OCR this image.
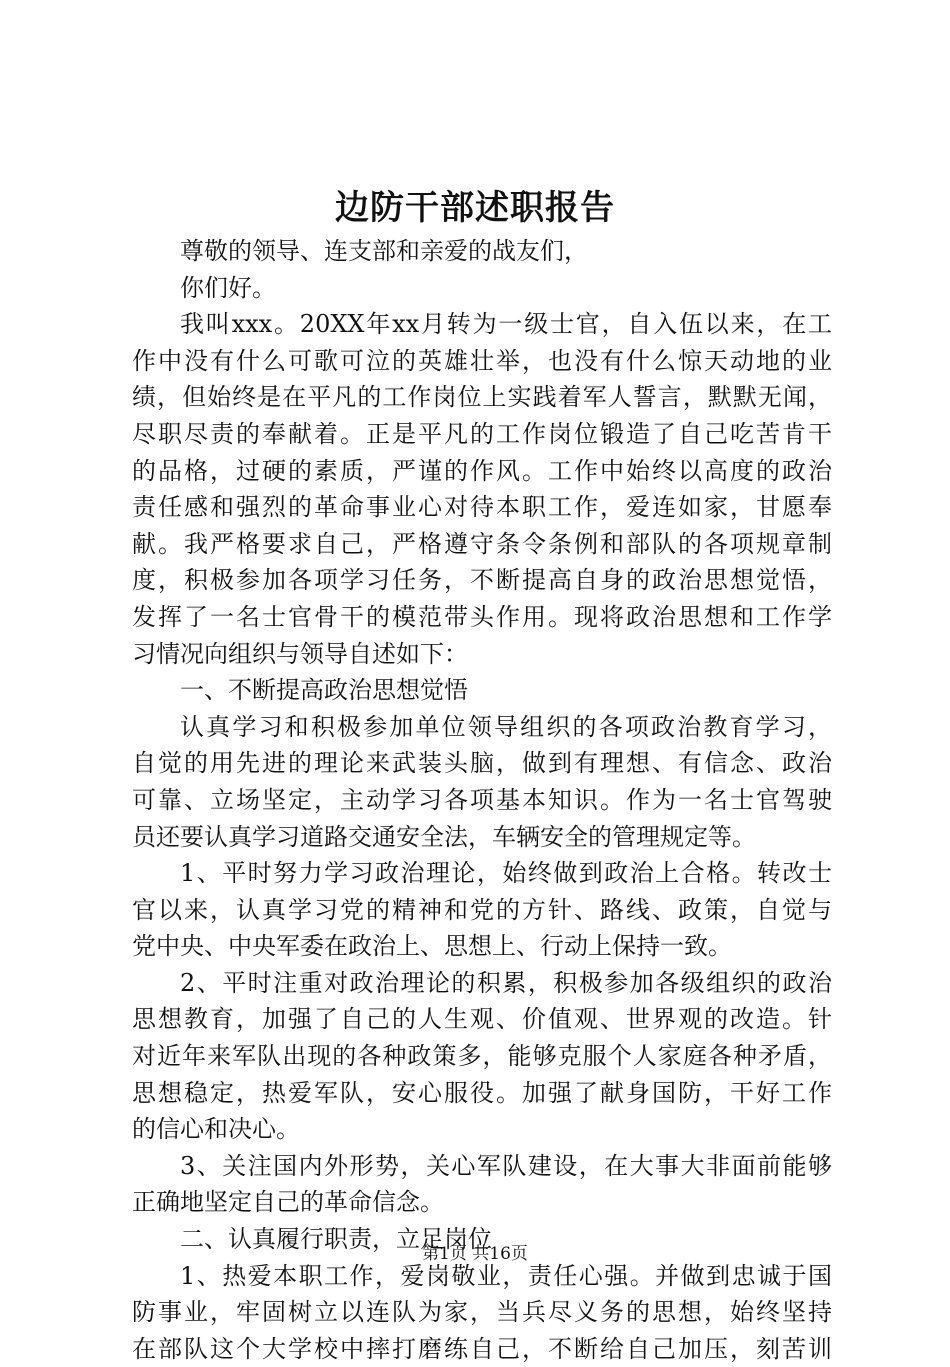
边防干部述职报告
尊敬的领导、连支部和亲爱的战友们，
你们好。
我叫xxx。20XX年xx月转为一级士官，自入伍以来，在工
作中没有什么可歌可泣的英雄壮举，也没有什么惊天动地的业
绩，但始终是在平凡的工作岗位上实践着军人誓言，默默无闻，
尽职尽责的奉献着。正是平凡的工作岗位锻造了自己吃苦肯干
的品格，过硬的素质，严谨的作风。工作中始终以高度的政治
责任感和强烈的革命事业心对待本职工作，爱连如家，甘愿奉
献。我严格要求自己，严格遵守条令条例和部队的各项规章制
度，积极参加各项学习任务，不断提高自身的政治思想觉悟，
发挥了一名士官骨干的模范带头作用。现将政治思想和工作学
习情况向组织与领导自述如下：
一、不断提高政治思想觉悟
认真学习和积极参加单位领导组织的各项政治教育学习，
自觉的用先进的理论来武装头脑，做到有理想、有信念、政治
可靠、立场坚定，主动学习各项基本知识。作为一名士官驾驶
员还要认真学习道路交通安全法，车辆安全的管理规定等。
1、平时努力学习政治理论，始终做到政治上合格。转改士
官以来，认真学习党的精神和党的方针、路线、政策，自觉与
党中央、中央军委在政治上、思想上、行动上保持一致。
2、平时注重对政治理论的积累，积极参加各级组织的政治
思想教育，加强了自己的人生观、价值观、世界观的改造。针
对近年来军队出现的各种政策多，能够克服个人家庭各种矛盾，
思想稳定，热爱军队，安心服役。加强了献身国防，干好工作
的信心和决心。
3、关注国内外形势，关心军队建设，在大事大非面前能够
正确地坚定自己的革命信念。
二、认真履行职责，立足岗位
1、热爱本职工作，爱岗敬业，责任心强。并做到忠诚于国
防事业，牢固树立以连队为家，当兵尽义务的思想，始终坚持
在部队这个大学校中摔打磨练自己，不断给自己加压，刻苦训
第1页 共16页
